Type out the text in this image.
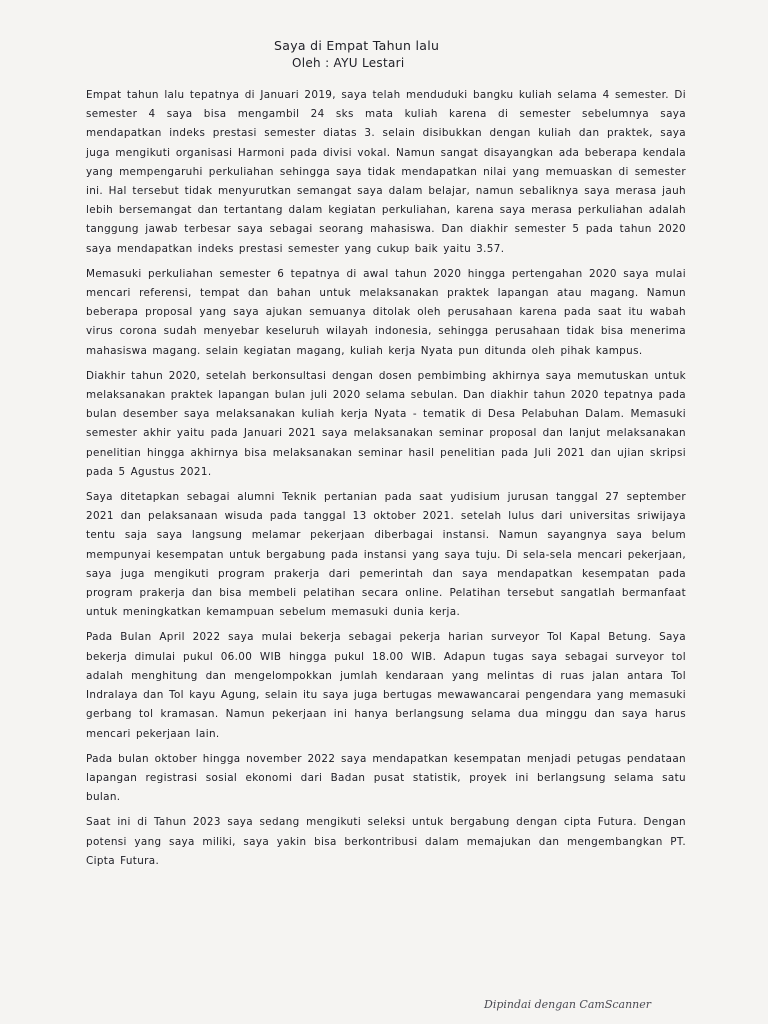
Saya di Empat Tahun lalu
Oleh : AYU Lestari

Empat tahun lalu tepatnya di Januari 2019, saya telah menduduki bangku kuliah selama 4 semester. Di semester 4 saya bisa mengambil 24 sks mata kuliah karena di semester sebelumnya saya mendapatkan indeks prestasi semester diatas 3. selain disibukkan dengan kuliah dan praktek, saya juga mengikuti organisasi Harmoni pada divisi vokal. Namun sangat disayangkan ada beberapa kendala yang mempengaruhi perkuliahan sehingga saya tidak mendapatkan nilai yang memuaskan di semester ini. Hal tersebut tidak menyurutkan semangat saya dalam belajar, namun sebaliknya saya merasa jauh lebih bersemangat dan tertantang dalam kegiatan perkuliahan, karena saya merasa perkuliahan adalah tanggung jawab terbesar saya sebagai seorang mahasiswa. Dan diakhir semester 5 pada tahun 2020 saya mendapatkan indeks prestasi semester yang cukup baik yaitu 3.57.

Memasuki perkuliahan semester 6 tepatnya di awal tahun 2020 hingga pertengahan 2020 saya mulai mencari referensi, tempat dan bahan untuk melaksanakan praktek lapangan atau magang. Namun beberapa proposal yang saya ajukan semuanya ditolak oleh perusahaan karena pada saat itu wabah virus corona sudah menyebar keseluruh wilayah indonesia, sehingga perusahaan tidak bisa menerima mahasiswa magang. selain kegiatan magang, kuliah kerja Nyata pun ditunda oleh pihak kampus.

Diakhir tahun 2020, setelah berkonsultasi dengan dosen pembimbing akhirnya saya memutuskan untuk melaksanakan praktek lapangan bulan juli 2020 selama sebulan. Dan diakhir tahun 2020 tepatnya pada bulan desember saya melaksanakan kuliah kerja Nyata - tematik di Desa Pelabuhan Dalam. Memasuki semester akhir yaitu pada Januari 2021 saya melaksanakan seminar proposal dan lanjut melaksanakan penelitian hingga akhirnya bisa melaksanakan seminar hasil penelitian pada Juli 2021 dan ujian skripsi pada 5 Agustus 2021.

Saya ditetapkan sebagai alumni Teknik pertanian pada saat yudisium jurusan tanggal 27 september 2021 dan pelaksanaan wisuda pada tanggal 13 oktober 2021. setelah lulus dari universitas sriwijaya tentu saja saya langsung melamar pekerjaan diberbagai instansi. Namun sayangnya saya belum mempunyai kesempatan untuk bergabung pada instansi yang saya tuju. Di sela-sela mencari pekerjaan, saya juga mengikuti program prakerja dari pemerintah dan saya mendapatkan kesempatan pada program prakerja dan bisa membeli pelatihan secara online. Pelatihan tersebut sangatlah bermanfaat untuk meningkatkan kemampuan sebelum memasuki dunia kerja.

Pada Bulan April 2022 saya mulai bekerja sebagai pekerja harian surveyor Tol Kapal Betung. Saya bekerja dimulai pukul 06.00 WIB hingga pukul 18.00 WIB. Adapun tugas saya sebagai surveyor tol adalah menghitung dan mengelompokkan jumlah kendaraan yang melintas di ruas jalan antara Tol Indralaya dan Tol kayu Agung, selain itu saya juga bertugas mewawancarai pengendara yang memasuki gerbang tol kramasan. Namun pekerjaan ini hanya berlangsung selama dua minggu dan saya harus mencari pekerjaan lain.

Pada bulan oktober hingga november 2022 saya mendapatkan kesempatan menjadi petugas pendataan lapangan registrasi sosial ekonomi dari Badan pusat statistik, proyek ini berlangsung selama satu bulan.

Saat ini di Tahun 2023 saya sedang mengikuti seleksi untuk bergabung dengan cipta Futura. Dengan potensi yang saya miliki, saya yakin bisa berkontribusi dalam memajukan dan mengembangkan PT. Cipta Futura.

Dipindai dengan CamScanner
